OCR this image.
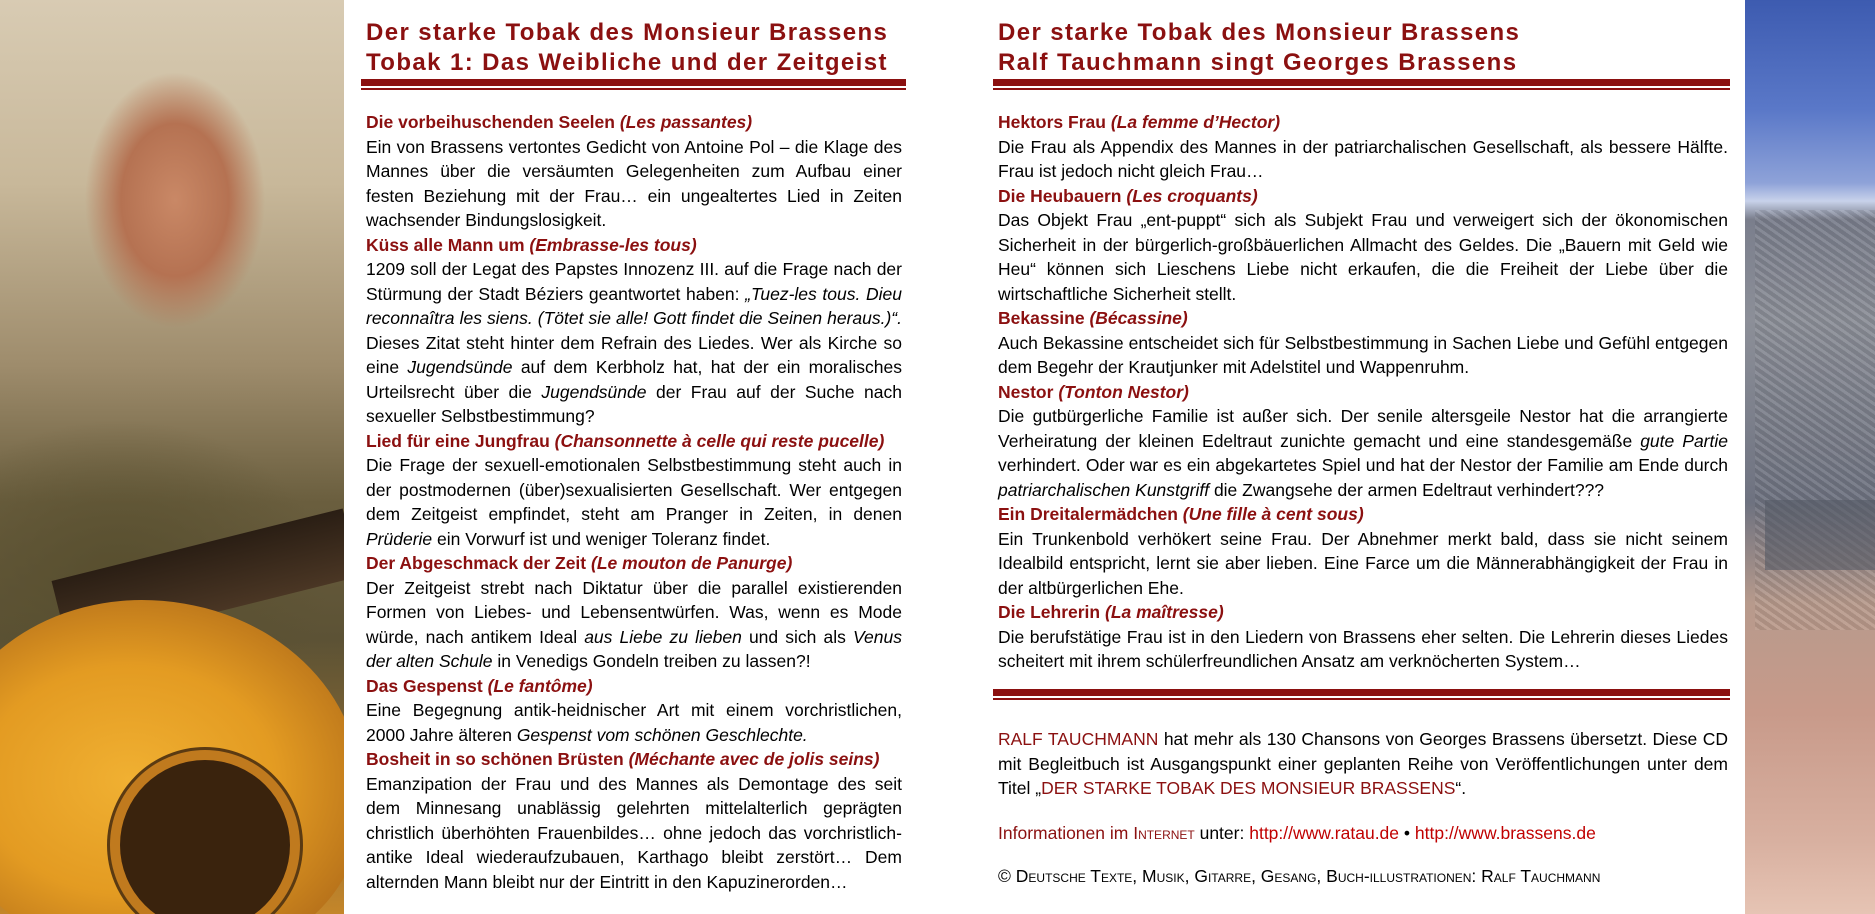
Der starke Tobak des Monsieur Brassens

Tobak 1: Das Weibliche und der Zeitgeist

Die vorbeihuschenden Seelen (Les passantes)

Ein von Brassens vertontes Gedicht von Antoine Pol – die Klage des Mannes über die versäumten Gelegenheiten zum Aufbau einer festen Beziehung mit der Frau… ein ungealtertes Lied in Zeiten wachsender Bindungslosigkeit.

Küss alle Mann um (Embrasse-les tous)

1209 soll der Legat des Papstes Innozenz III. auf die Frage nach der Stürmung der Stadt Béziers geantwortet haben: „Tuez-les tous. Dieu reconnaîtra les siens. (Tötet sie alle! Gott findet die Seinen heraus.)“. Dieses Zitat steht hinter dem Refrain des Liedes. Wer als Kirche so eine Jugendsünde auf dem Kerbholz hat, hat der ein moralisches Urteilsrecht über die Jugendsünde der Frau auf der Suche nach sexueller Selbstbestimmung?

Lied für eine Jungfrau (Chansonnette à celle qui reste pucelle)

Die Frage der sexuell-emotionalen Selbstbestimmung steht auch in der postmodernen (über)sexualisierten Gesellschaft. Wer entgegen dem Zeitgeist empfindet, steht am Pranger in Zeiten, in denen Prüderie ein Vorwurf ist und weniger Toleranz findet.

Der Abgeschmack der Zeit (Le mouton de Panurge)

Der Zeitgeist strebt nach Diktatur über die parallel existierenden Formen von Liebes- und Lebensentwürfen. Was, wenn es Mode würde, nach antikem Ideal aus Liebe zu lieben und sich als Venus der alten Schule in Venedigs Gondeln treiben zu lassen?!

Das Gespenst (Le fantôme)

Eine Begegnung antik-heidnischer Art mit einem vorchristlichen, 2000 Jahre älteren Gespenst vom schönen Geschlechte.

Bosheit in so schönen Brüsten (Méchante avec de jolis seins)

Emanzipation der Frau und des Mannes als Demontage des seit dem Minnesang unablässig gelehrten mittelalterlich geprägten christlich überhöhten Frauenbildes… ohne jedoch das vorchristlich-antike Ideal wiederaufzubauen, Karthago bleibt zerstört… Dem alternden Mann bleibt nur der Eintritt in den Kapuzinerorden…

Der starke Tobak des Monsieur Brassens

Ralf Tauchmann singt Georges Brassens

Hektors Frau (La femme d’Hector)

Die Frau als Appendix des Mannes in der patriarchalischen Gesellschaft, als bessere Hälfte. Frau ist jedoch nicht gleich Frau…

Die Heubauern (Les croquants)

Das Objekt Frau „ent-puppt“ sich als Subjekt Frau und verweigert sich der ökonomischen Sicherheit in der bürgerlich-großbäuerlichen Allmacht des Geldes. Die „Bauern mit Geld wie Heu“ können sich Lieschens Liebe nicht erkaufen, die die Freiheit der Liebe über die wirtschaftliche Sicherheit stellt.

Bekassine (Bécassine)

Auch Bekassine entscheidet sich für Selbstbestimmung in Sachen Liebe und Gefühl entgegen dem Begehr der Krautjunker mit Adelstitel und Wappenruhm.

Nestor (Tonton Nestor)

Die gutbürgerliche Familie ist außer sich. Der senile altersgeile Nestor hat die arrangierte Verheiratung der kleinen Edeltraut zunichte gemacht und eine standesgemäße gute Partie verhindert. Oder war es ein abgekartetes Spiel und hat der Nestor der Familie am Ende durch patriarchalischen Kunstgriff die Zwangsehe der armen Edeltraut verhindert???

Ein Dreitalermädchen (Une fille à cent sous)

Ein Trunkenbold verhökert seine Frau. Der Abnehmer merkt bald, dass sie nicht seinem Idealbild entspricht, lernt sie aber lieben. Eine Farce um die Männerabhängigkeit der Frau in der altbürgerlichen Ehe.

Die Lehrerin (La maîtresse)

Die berufstätige Frau ist in den Liedern von Brassens eher selten. Die Lehrerin dieses Liedes scheitert mit ihrem schülerfreundlichen Ansatz am verknöcherten System…

RALF TAUCHMANN hat mehr als 130 Chansons von Georges Brassens übersetzt. Diese CD mit Begleitbuch ist Ausgangspunkt einer geplanten Reihe von Veröffentlichungen unter dem Titel „DER STARKE TOBAK DES MONSIEUR BRASSENS“.

Informationen im Internet unter: http://www.ratau.de • http://www.brassens.de

© Deutsche Texte, Musik, Gitarre, Gesang, Buch-illustrationen: Ralf Tauchmann
